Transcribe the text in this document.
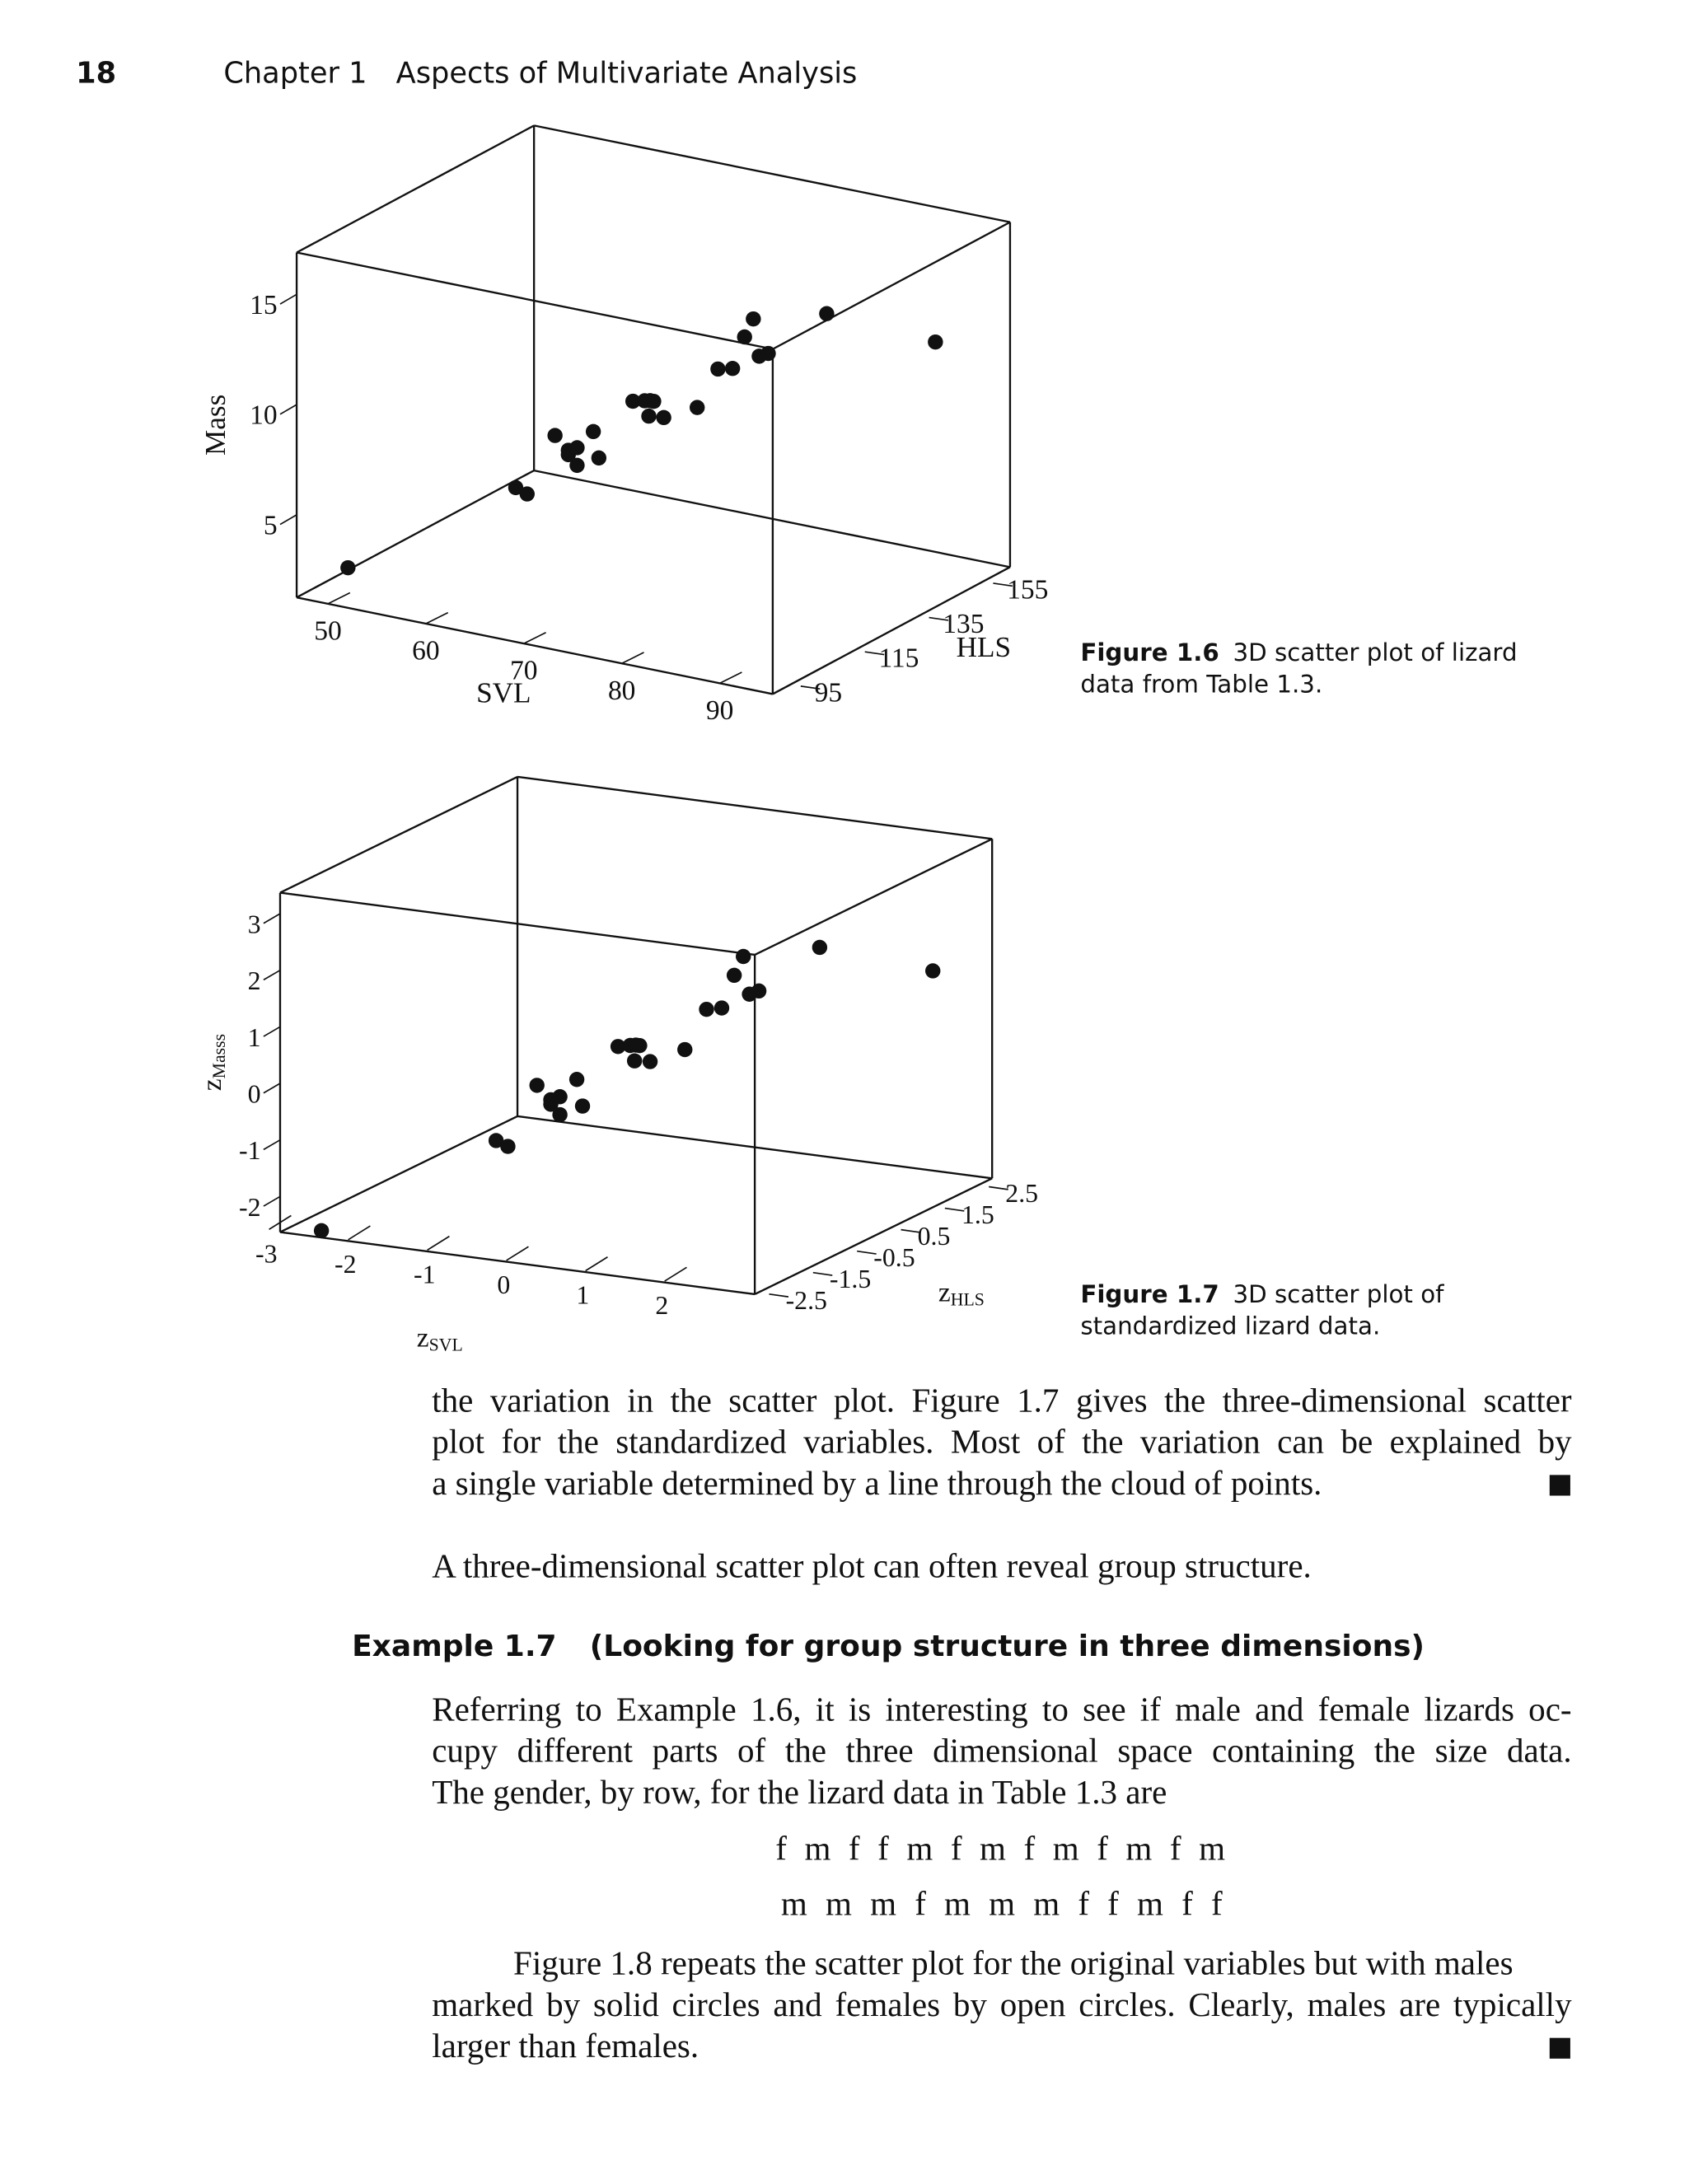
18	Chapter 1 Aspects of Multivariate Analysis
50
60
70
80
90
95
115
135
155
5
10
15
-3	-2	-1	0	1	2	-2.5
-1.5
-0.5
0.5
1.5
2.5
-2
-1
0
1
2
3
SVL
HLS
Mass
zSVL
zHLS
zMasss
Figure 1.6 3D scatter plot of lizard
data from Table 1.3.
Figure 1.7 3D scatter plot of
standardized lizard data.
the variation in the scatter plot. Figure 1.7 gives the three-dimensional scatter
plot for the standardized variables. Most of the variation can be explained by
a single variable determined by a line through the cloud of points.
A three-dimensional scatter plot can often reveal group structure.
Example 1.7 (Looking for group structure in three dimensions)
Referring to Example 1.6, it is interesting to see if male and female lizards oc-
cupy different parts of the three dimensional space containing the size data.
The gender, by row, for the lizard data in Table 1.3 are
f m f f m f m f m f m f m
m m m f m m m f f m f f
Figure 1.8 repeats the scatter plot for the original variables but with males
marked by solid circles and females by open circles. Clearly, males are typically
larger than females.
